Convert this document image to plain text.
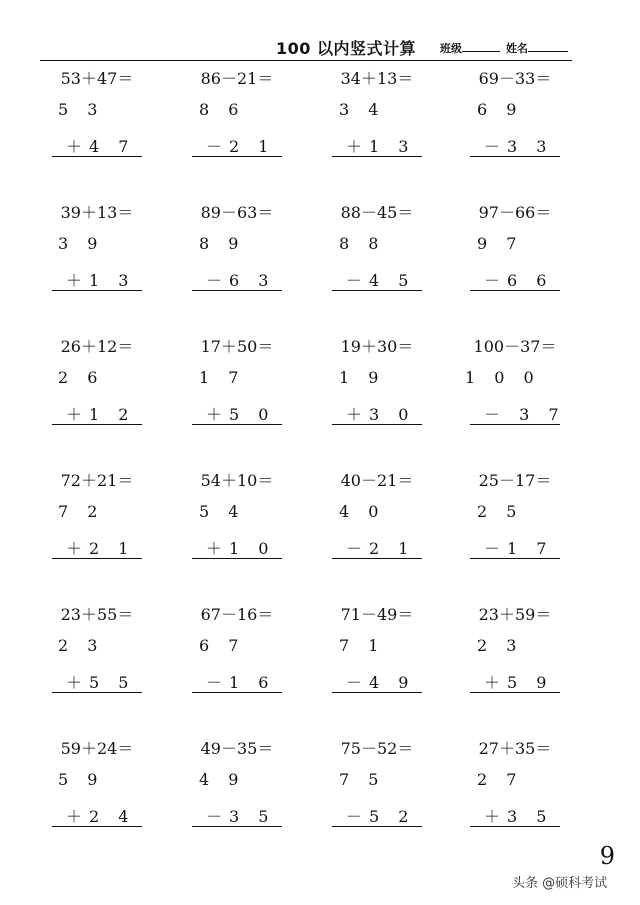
100 以内竖式计算 班级	姓名
53＋47＝
5 3
＋4 7
86－21＝
8 6
－2 1
34＋13＝
3 4
＋1 3
69－33＝
6 9
－3 3
39＋13＝
3 9
＋1 3
89－63＝
8 9
－6 3
88－45＝
8 8
－4 5
97－66＝
9 7
－6 6
26＋12＝
2 6
＋1 2
17＋50＝
1 7
＋5 0
19＋30＝
1 9
＋3 0
100－37＝
1 0 0
－ 3 7
72＋21＝
7 2
＋2 1
54＋10＝
5 4
＋1 0
40－21＝
4 0
－2 1
25－17＝
2 5
－1 7
23＋55＝
2 3
＋5 5
67－16＝
6 7
－1 6
71－49＝
7 1
－4 9
23＋59＝
2 3
＋5 9
59＋24＝
5 9
＋2 4
49－35＝
4 9
－3 5
75－52＝
7 5
－5 2
27＋35＝
2 7
＋3 5
9
头条 @硕科考试
